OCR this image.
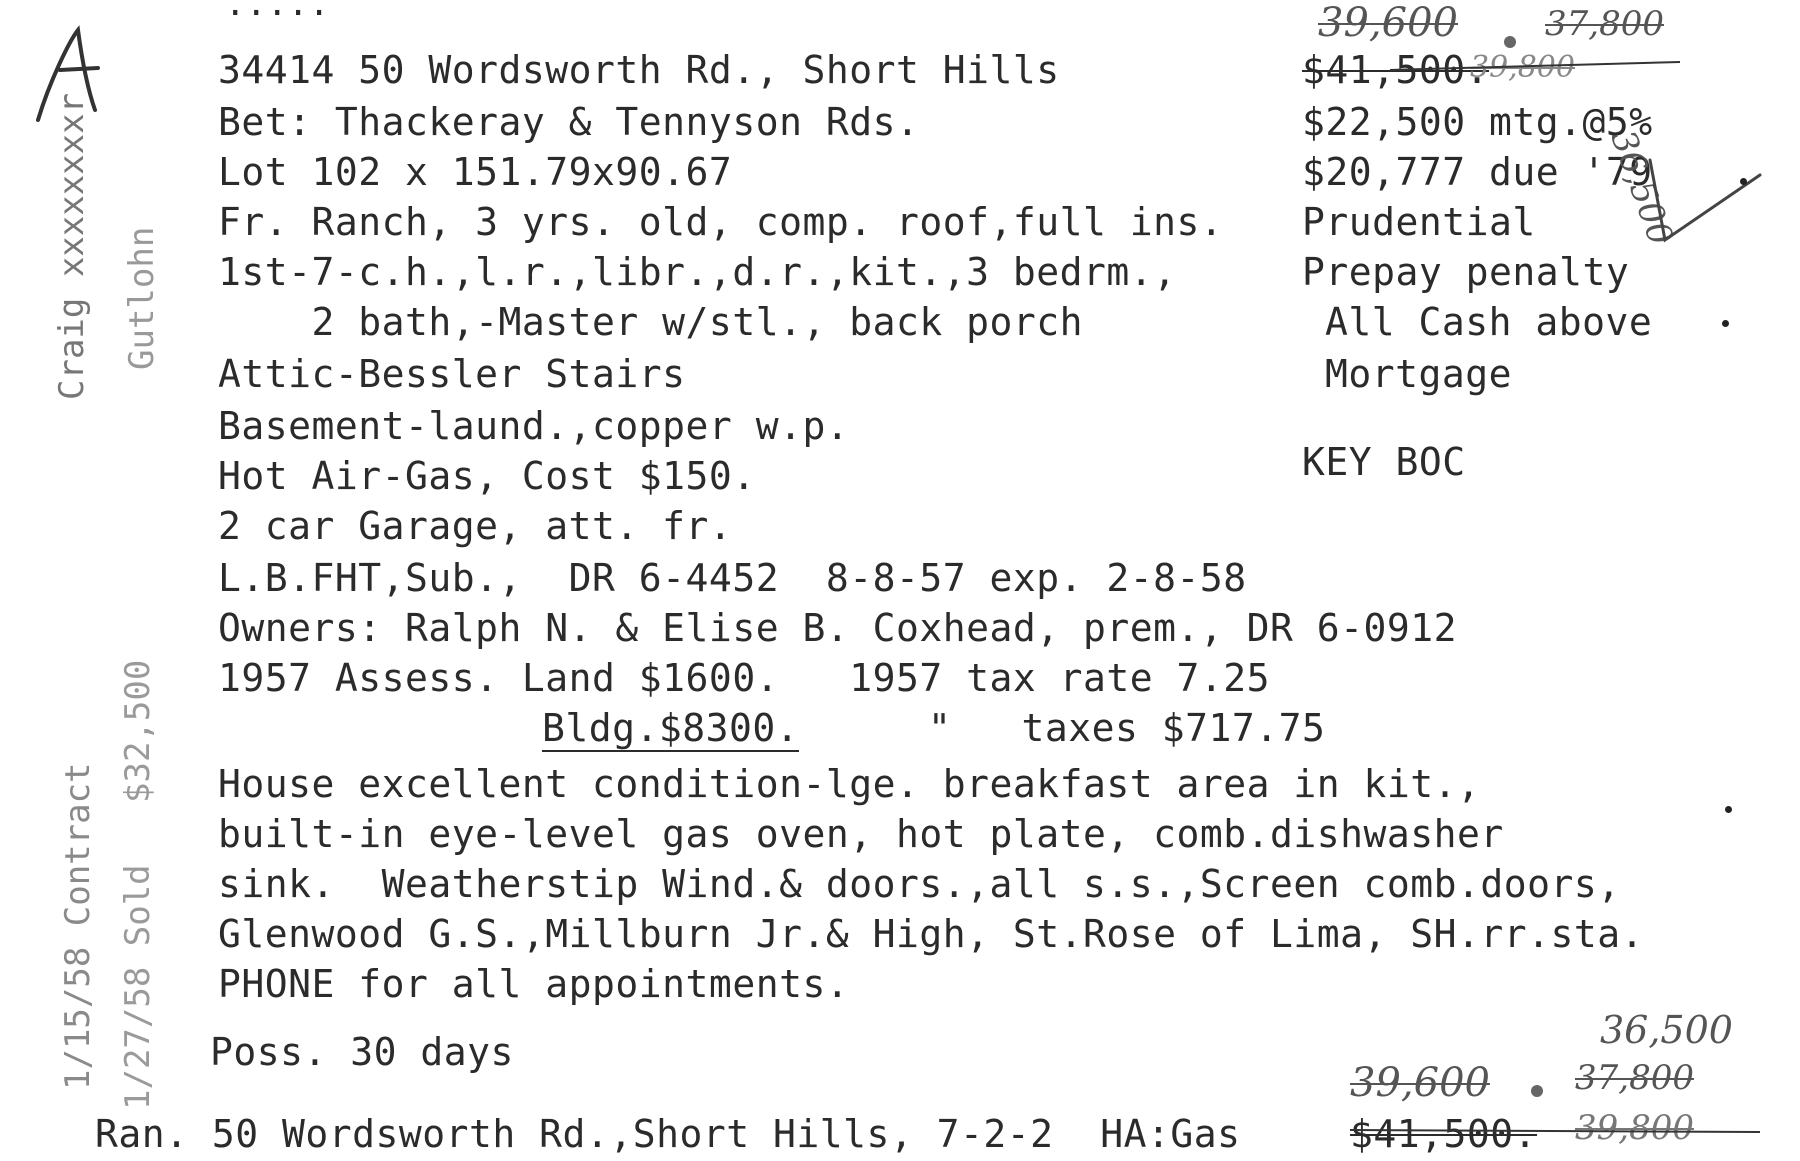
.....
34414 50 Wordsworth Rd., Short Hills
Bet: Thackeray & Tennyson Rds.
Lot 102 x 151.79x90.67
Fr. Ranch, 3 yrs. old, comp. roof,full ins.
1st-7-c.h.,l.r.,libr.,d.r.,kit.,3 bedrm.,
2 bath,-Master w/stl., back porch
Attic-Bessler Stairs
Basement-laund.,copper w.p.
Hot Air-Gas, Cost $150.
2 car Garage, att. fr.
L.B.FHT,Sub.,  DR 6-4452  8-8-57 exp. 2-8-58
Owners: Ralph N. & Elise B. Coxhead, prem., DR 6-0912
1957 Assess. Land $1600.   1957 tax rate 7.25
Bldg.$8300.	"   taxes $717.75
House excellent condition-lge. breakfast area in kit.,
built-in eye-level gas oven, hot plate, comb.dishwasher
sink.  Weatherstip Wind.& doors.,all s.s.,Screen comb.doors,
Glenwood G.S.,Millburn Jr.& High, St.Rose of Lima, SH.rr.sta.
PHONE for all appointments.
Poss. 30 days
$41,500.
$22,500 mtg.@5%
$20,777 due '79
Prudential
Prepay penalty
All Cash above
Mortgage
KEY BOC
Ran. 50 Wordsworth Rd.,Short Hills, 7-2-2  HA:Gas	$41,500.
39,600	37,800
39,800
36,500
36,500
39,600	37,800
39,800
Craig xxxxxxxxr Gutlohn
1/15/58 Contract 1/27/58 Sold   $32,500
